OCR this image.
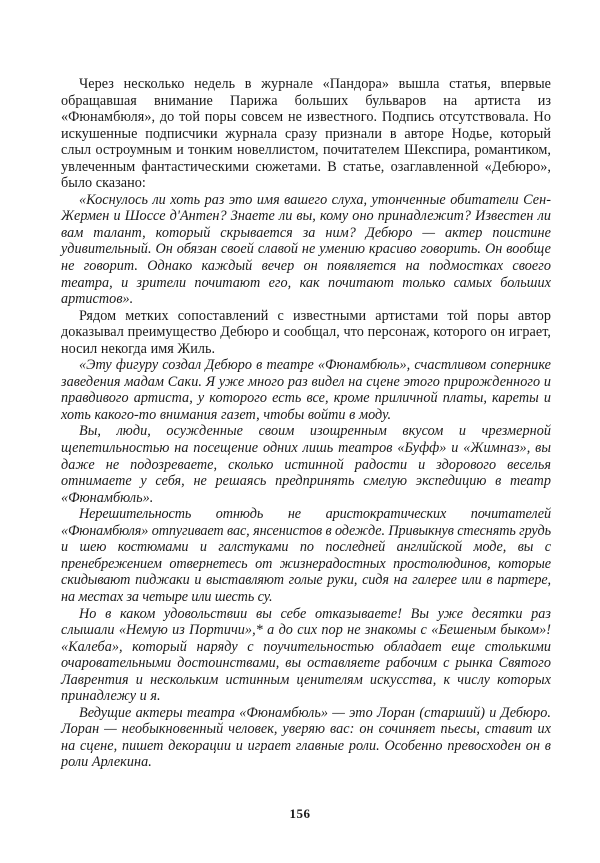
Через несколько недель в журнале «Пандора» вышла статья, впервые обращавшая внимание Парижа больших бульваров на артиста из «Фюнамбюля», до той поры совсем не известного. Подпись отсутствовала. Но искушенные подписчики журнала сразу признали в авторе Нодье, который слыл остроумным и тонким новеллистом, почитателем Шекспира, романтиком, увлеченным фантастическими сюжетами. В статье, озаглавленной «Дебюро», было сказано:

«Коснулось ли хоть раз это имя вашего слуха, утонченные обитатели Сен-Жермен и Шоссе д'Антен? Знаете ли вы, кому оно принадлежит? Известен ли вам талант, который скрывается за ним? Дебюро — актер поистине удивительный. Он обязан своей славой не умению красиво говорить. Он вообще не говорит. Однако каждый вечер он появляется на подмостках своего театра, и зрители почитают его, как почитают только самых больших артистов».

Рядом метких сопоставлений с известными артистами той поры автор доказывал преимущество Дебюро и сообщал, что персонаж, которого он играет, носил некогда имя Жиль.

«Эту фигуру создал Дебюро в театре «Фюнамбюль», счастливом сопернике заведения мадам Саки. Я уже много раз видел на сцене этого прирожденного и правдивого артиста, у которого есть все, кроме приличной платы, кареты и хоть какого-то внимания газет, чтобы войти в моду.

Вы, люди, осужденные своим изощренным вкусом и чрезмерной щепетильностью на посещение одних лишь театров «Буфф» и «Жимназ», вы даже не подозреваете, сколько истинной радости и здорового веселья отнимаете у себя, не решаясь предпринять смелую экспедицию в театр «Фюнамбюль».

Нерешительность отнюдь не аристократических почитателей «Фюнамбюля» отпугивает вас, янсенистов в одежде. Привыкнув стеснять грудь и шею костюмами и галстуками по последней английской моде, вы с пренебрежением отвернетесь от жизнерадостных простолюдинов, которые скидывают пиджаки и выставляют голые руки, сидя на галерее или в партере, на местах за четыре или шесть су.

Но в каком удовольствии вы себе отказываете! Вы уже десятки раз слышали «Немую из Портичи»,* а до сих пор не знакомы с «Бешеным быком»! «Калеба», который наряду с поучительностью обладает еще столькими очаровательными достоинствами, вы оставляете рабочим с рынка Святого Лаврентия и нескольким истинным ценителям искусства, к числу которых принадлежу и я.

Ведущие актеры театра «Фюнамбюль» — это Лоран (старший) и Дебюро. Лоран — необыкновенный человек, уверяю вас: он сочиняет пьесы, ставит их на сцене, пишет декорации и играет главные роли. Особенно превосходен он в роли Арлекина.

156
